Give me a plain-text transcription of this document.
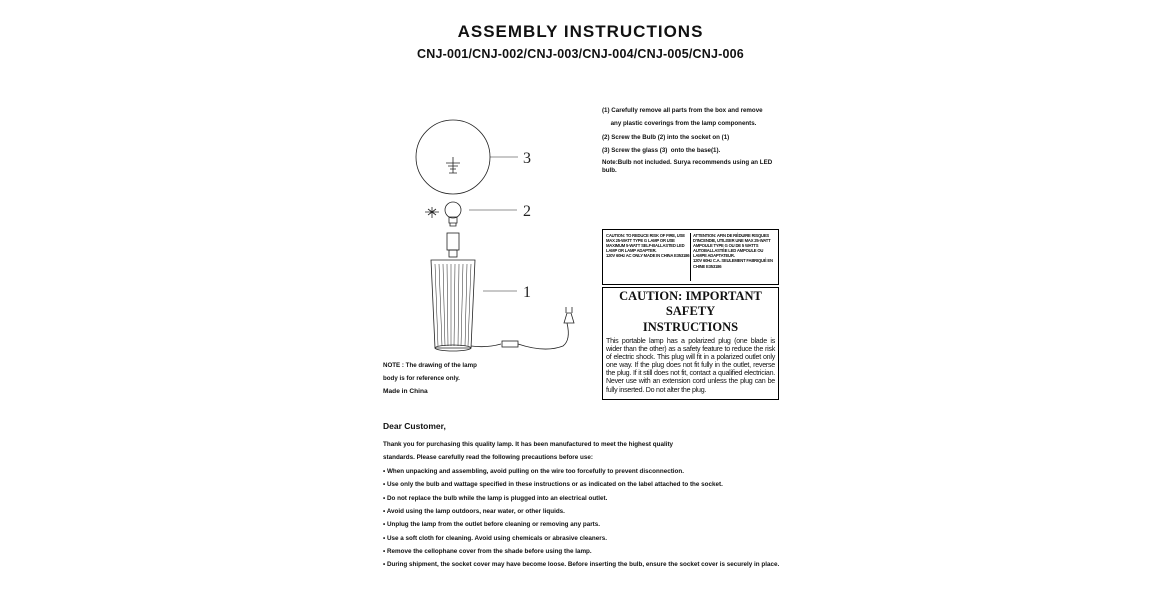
ASSEMBLY INSTRUCTIONS
CNJ-001/CNJ-002/CNJ-003/CNJ-004/CNJ-005/CNJ-006
3
2
1
NOTE : The drawing of the lamp
body is for reference only.
Made in China
(1) Carefully remove all parts from the box and remove
any plastic coverings from the lamp components.
(2) Screw the Bulb (2) into the socket on (1)
(3) Screw the glass (3)  onto the base(1).
Note:Bulb not included. Surya recommends using an LED bulb.
CAUTION: TO REDUCE RISK OF FIRE, USE MAX 25-WATT TYPE G LAMP OR USE MAXIMUM 5-WATT SELF-BALLASTED LED LAMP OR LAMP ADAPTER.
120V 60Hz AC ONLY MADE IN CHINA E353186
ATTENTION: AFIN DE RÉDUIRE RISQUES D'INCENDIE, UTILISER UNE MAX 25-WATT AMPOULE TYPE G OU DE 5 WATTS AUTOBALLASTÉE LED AMPOULE OU LAMPE ADAPTATEUR.
120V 60Hz C.A. SEULEMENT FABRIQUÉ EN CHINE E353186
CAUTION: IMPORTANT SAFETY
INSTRUCTIONS
This portable lamp has a polarized plug (one blade is wider than the other) as a safety feature to reduce the risk of electric shock. This plug will fit in a polarized outlet only one way. If the plug does not fit fully in the outlet, reverse the plug. If it still does not fit, contact a qualified electrician. Never use with an extension cord unless the plug can be fully inserted. Do not alter the plug.
Dear Customer,
Thank you for purchasing this quality lamp. It has been manufactured to meet the highest quality
standards. Please carefully read the following precautions before use:
• When unpacking and assembling, avoid pulling on the wire too forcefully to prevent disconnection.
• Use only the bulb and wattage specified in these instructions or as indicated on the label attached to the socket.
• Do not replace the bulb while the lamp is plugged into an electrical outlet.
• Avoid using the lamp outdoors, near water, or other liquids.
• Unplug the lamp from the outlet before cleaning or removing any parts.
• Use a soft cloth for cleaning. Avoid using chemicals or abrasive cleaners.
• Remove the cellophane cover from the shade before using the lamp.
• During shipment, the socket cover may have become loose. Before inserting the bulb, ensure the socket cover is securely in place.
